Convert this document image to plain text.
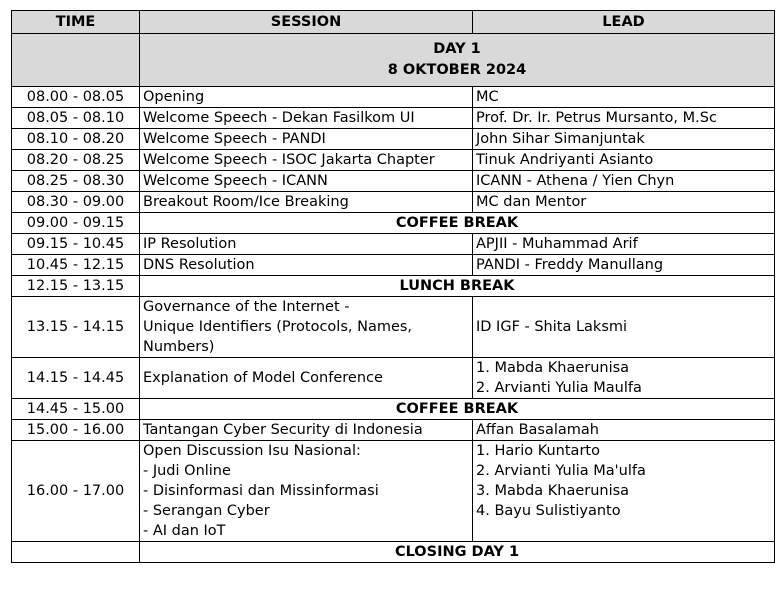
TIME	SESSION	LEAD

	DAY 1
8 OKTOBER 2024	

08.00 - 08.05	Opening	MC
08.05 - 08.10	Welcome Speech - Dekan Fasilkom UI	Prof. Dr. Ir. Petrus Mursanto, M.Sc
08.10 - 08.20	Welcome Speech - PANDI	John Sihar Simanjuntak
08.20 - 08.25	Welcome Speech - ISOC Jakarta Chapter	Tinuk Andriyanti Asianto
08.25 - 08.30	Welcome Speech - ICANN	ICANN - Athena / Yien Chyn
08.30 - 09.00	Breakout Room/Ice Breaking	MC dan Mentor
09.00 - 09.15	COFFEE BREAK	
09.15 - 10.45	IP Resolution	APJII - Muhammad Arif
10.45 - 12.15	DNS Resolution	PANDI - Freddy Manullang
12.15 - 13.15	LUNCH BREAK	
13.15 - 14.15	Governance of the Internet -
Unique Identifiers (Protocols, Names,
Numbers)	ID IGF - Shita Laksmi
14.15 - 14.45	Explanation of Model Conference	1. Mabda Khaerunisa
2. Arvianti Yulia Maulfa

14.45 - 15.00	COFFEE BREAK	
15.00 - 16.00	Tantangan Cyber Security di Indonesia	Affan Basalamah
16.00 - 17.00	Open Discussion Isu Nasional:
- Judi Online
- Disinformasi dan Missinformasi
- Serangan Cyber
- AI dan IoT	1. Hario Kuntarto
2. Arvianti Yulia Ma'ulfa
3. Mabda Khaerunisa
4. Bayu Sulistiyanto

	CLOSING DAY 1	
